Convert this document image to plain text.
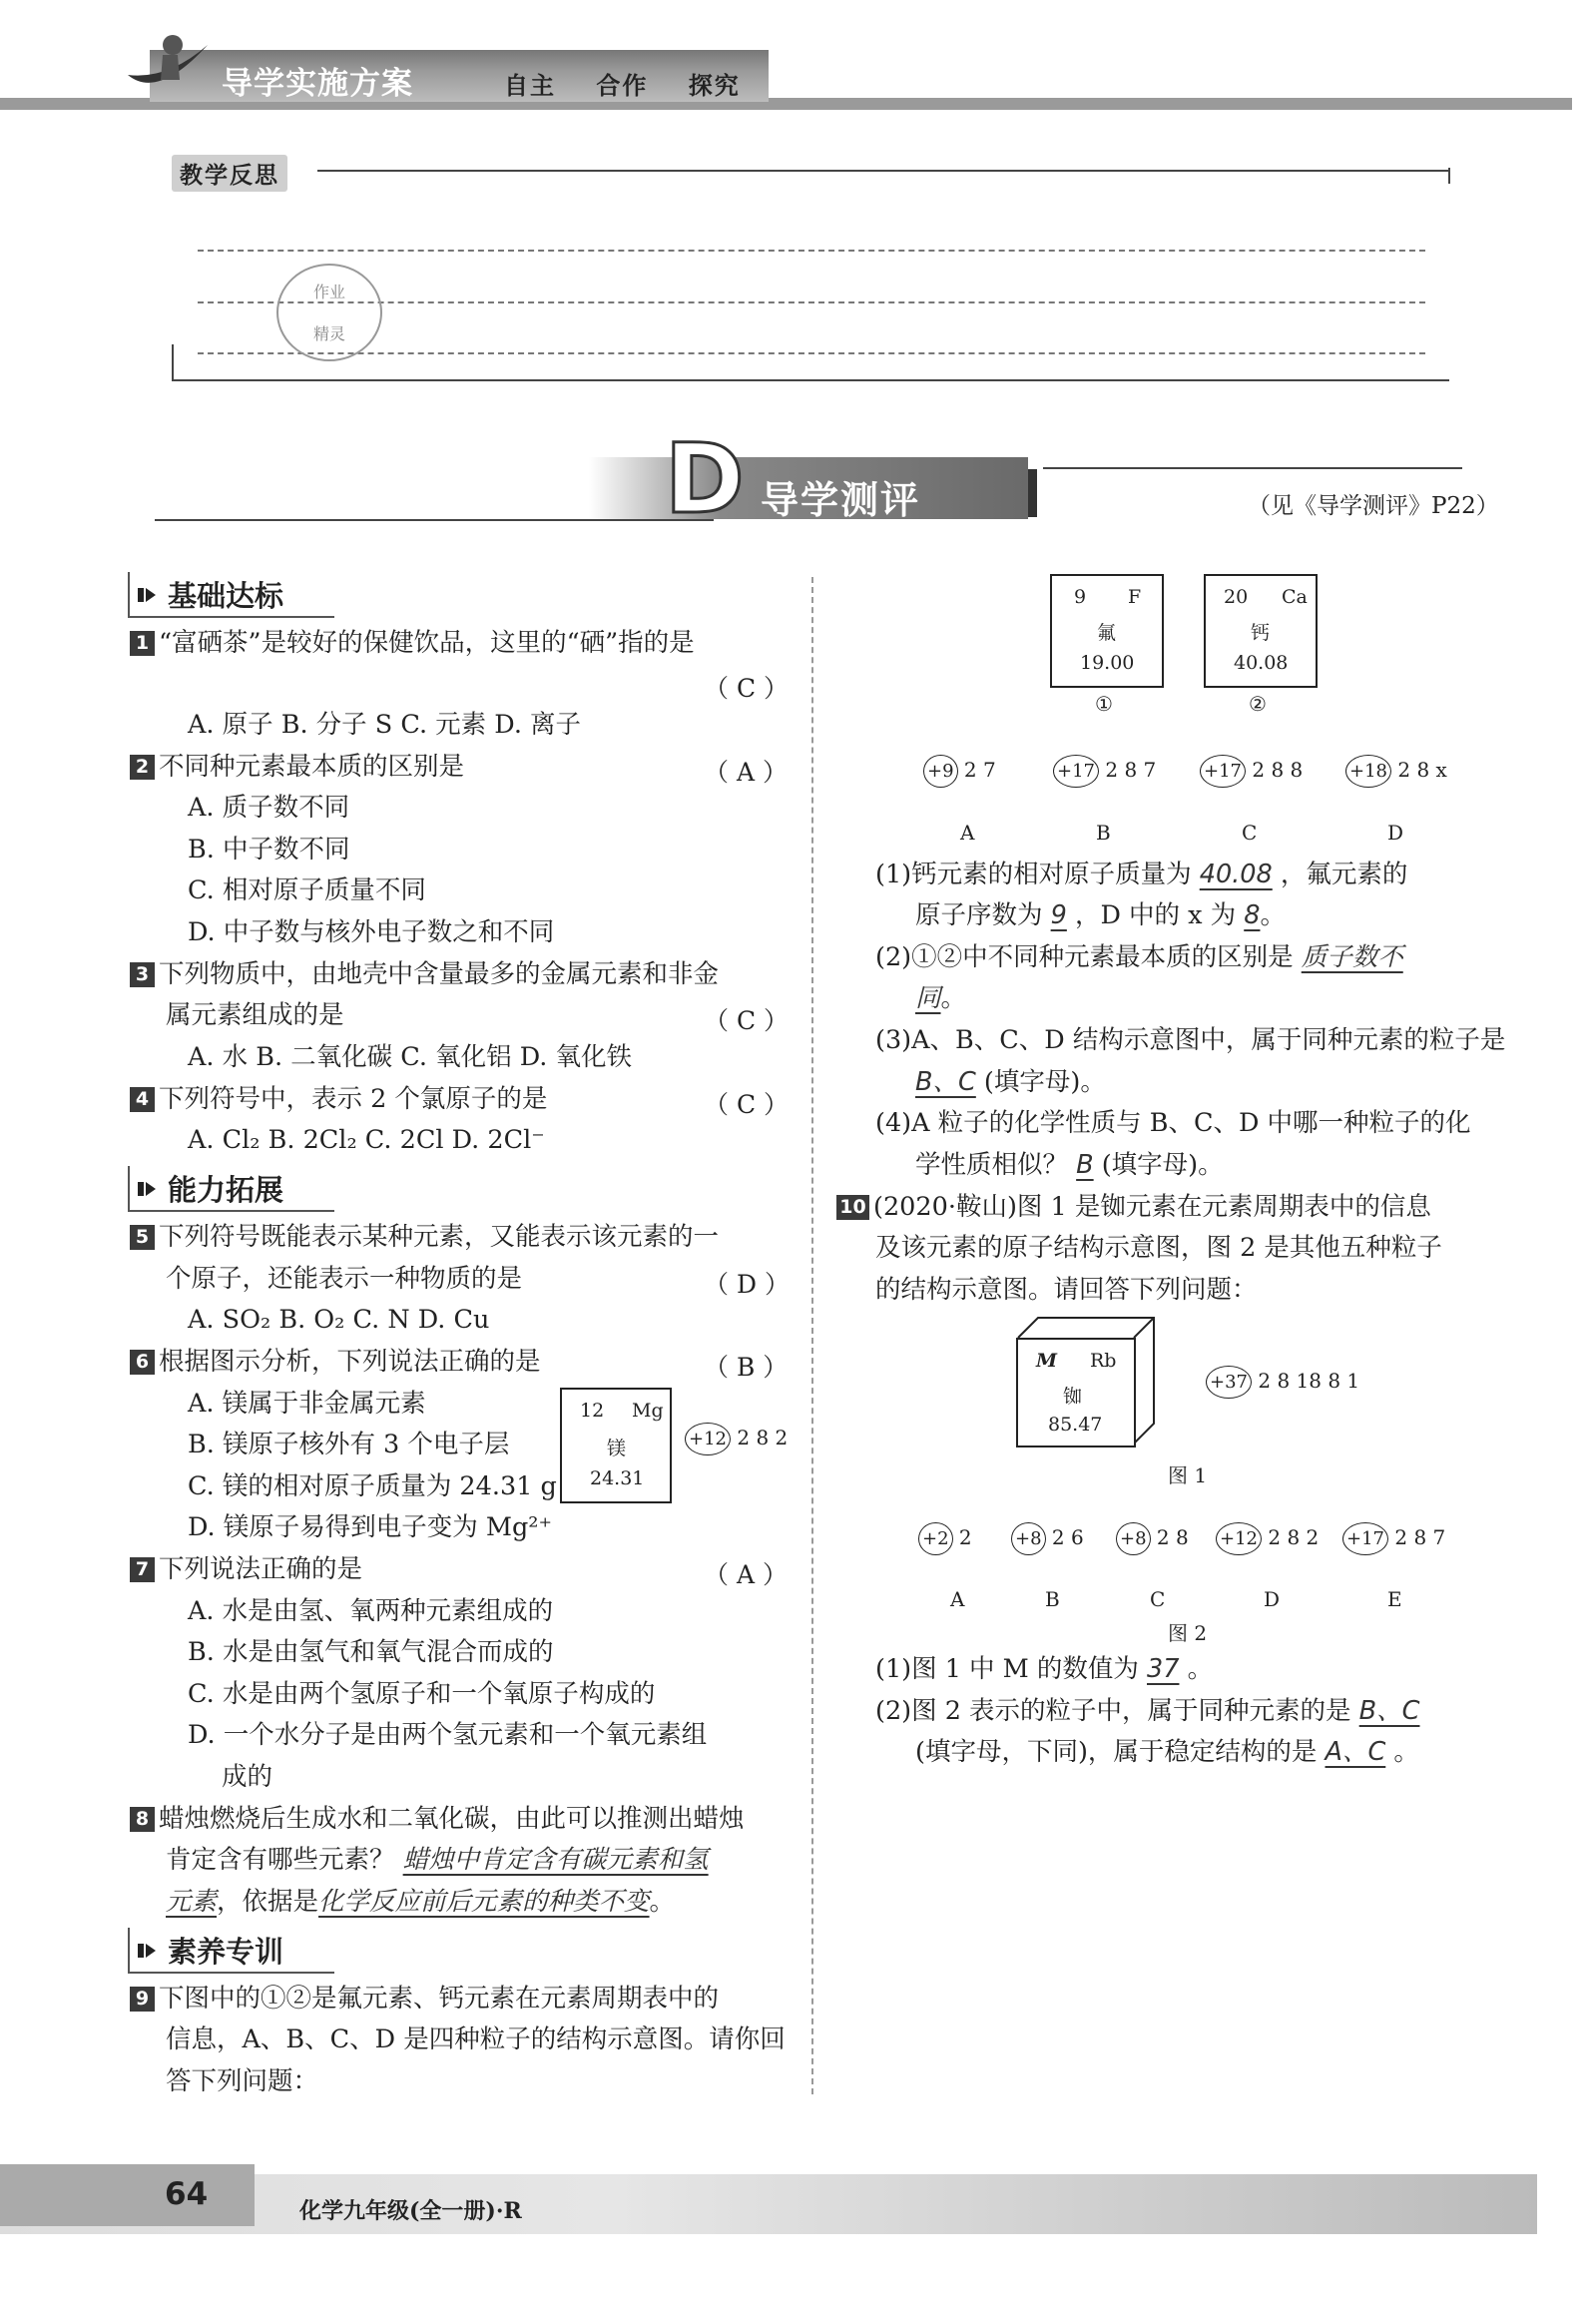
导学实施方案	自主 合作 探究
教学反思
作业
精灵
D 导学测评	（见《导学测评》P22）
基础达标
1 “富硒茶”是较好的保健饮品，这里的“硒”指的是
（ C ）
A. 原子 B. 分子 S C. 元素 D. 离子
2 不同种元素最本质的区别是	（ A ）
A. 质子数不同
B. 中子数不同
C. 相对原子质量不同
D. 中子数与核外电子数之和不同
3 下列物质中，由地壳中含量最多的金属元素和非金
属元素组成的是	（ C ）
A. 水 B. 二氧化碳 C. 氧化铝 D. 氧化铁
4 下列符号中，表示 2 个氯原子的是	（ C ）
A. Cl₂ B. 2Cl₂ C. 2Cl D. 2Cl⁻
能力拓展
5 下列符号既能表示某种元素，又能表示该元素的一
个原子，还能表示一种物质的是	（ D ）
A. SO₂ B. O₂ C. N D. Cu
6 根据图示分析，下列说法正确的是	（ B ）
A. 镁属于非金属元素
B. 镁原子核外有 3 个电子层
C. 镁的相对原子质量为 24.31 g
D. 镁原子易得到电子变为 Mg²⁺
12 Mg
镁
24.31
+12 2 8 2
7 下列说法正确的是	（ A ）
A. 水是由氢、氧两种元素组成的
B. 水是由氢气和氧气混合而成的
C. 水是由两个氢原子和一个氧原子构成的
D. 一个水分子是由两个氢元素和一个氧元素组
成的
8 蜡烛燃烧后生成水和二氧化碳，由此可以推测出蜡烛
肯定含有哪些元素？ 蜡烛中肯定含有碳元素和氢
元素，依据是化学反应前后元素的种类不变。
素养专训
9 下图中的①②是氟元素、钙元素在元素周期表中的
信息，A、B、C、D 是四种粒子的结构示意图。请你回
答下列问题：
9 F
氟
19.00
①
20 Ca
钙
40.08
②
+9 2 7	+17 2 8 7	+17 2 8 8	+18 2 8 x
A	B	C	D
(1)钙元素的相对原子质量为 40.08 ，氟元素的
原子序数为 9 ，D 中的 x 为 8。
(2)①②中不同种元素最本质的区别是 质子数不
同。
(3)A、B、C、D 结构示意图中，属于同种元素的粒子是
B、C (填字母)。
(4)A 粒子的化学性质与 B、C、D 中哪一种粒子的化
学性质相似？ B (填字母)。
10 (2020·鞍山)图 1 是铷元素在元素周期表中的信息
及该元素的原子结构示意图，图 2 是其他五种粒子
的结构示意图。请回答下列问题：
M Rb
铷
85.47
+37 2 8 18 8 1
图 1
+2 2 +8 2 6 +8 2 8 +12 2 8 2 +17 2 8 7
A	B	C	D	E
图 2
(1)图 1 中 M 的数值为 37 。
(2)图 2 表示的粒子中，属于同种元素的是 B、C
(填字母，下同)，属于稳定结构的是 A、C 。
64	化学九年级(全一册)·R
